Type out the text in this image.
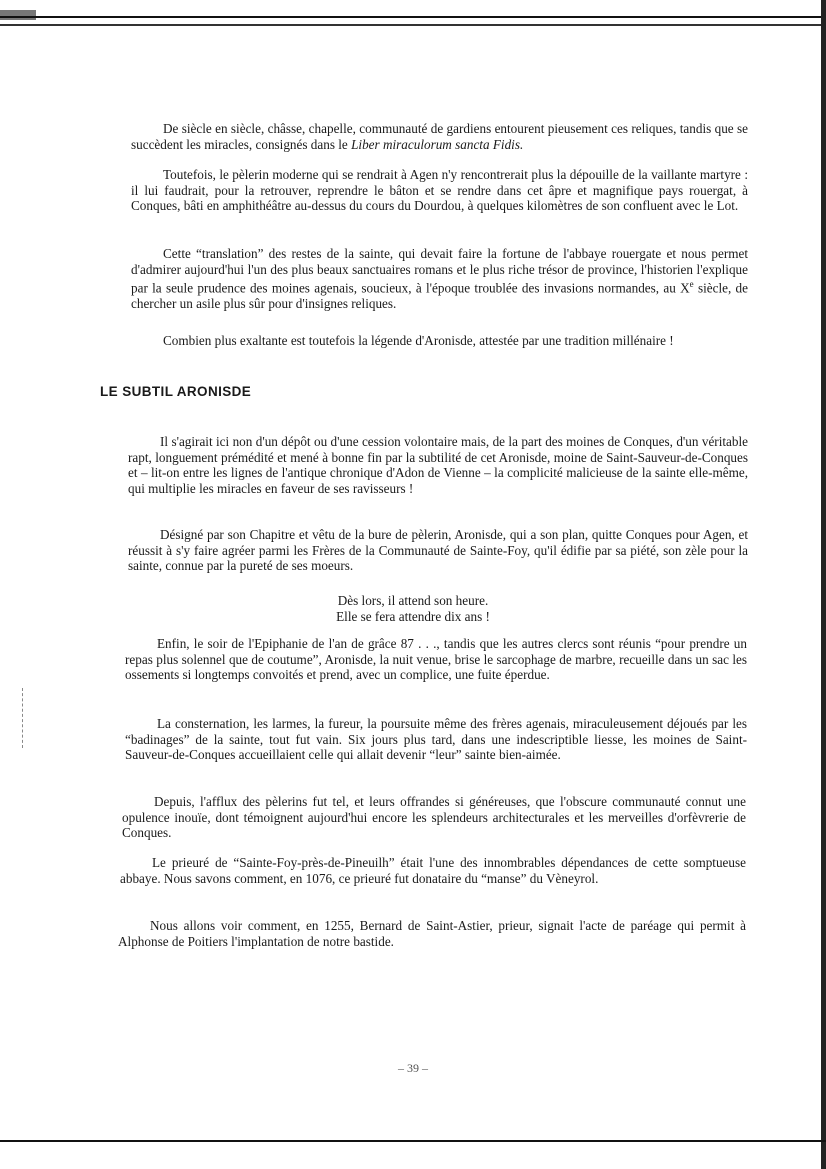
De siècle en siècle, châsse, chapelle, communauté de gardiens entourent pieusement ces reliques, tandis que se succèdent les miracles, consignés dans le Liber miraculorum sancta Fidis.

Toutefois, le pèlerin moderne qui se rendrait à Agen n'y rencontrerait plus la dépouille de la vaillante martyre : il lui faudrait, pour la retrouver, reprendre le bâton et se rendre dans cet âpre et magnifique pays rouergat, à Conques, bâti en amphithéâtre au-dessus du cours du Dourdou, à quelques kilomètres de son confluent avec le Lot.

Cette “translation” des restes de la sainte, qui devait faire la fortune de l'abbaye rouergate et nous permet d'admirer aujourd'hui l'un des plus beaux sanctuaires romans et le plus riche trésor de province, l'historien l'explique par la seule prudence des moines agenais, soucieux, à l'époque troublée des invasions normandes, au Xe siècle, de chercher un asile plus sûr pour d'insignes reliques.

Combien plus exaltante est toutefois la légende d'Aronisde, attestée par une tradition millénaire !

LE SUBTIL ARONISDE

Il s'agirait ici non d'un dépôt ou d'une cession volontaire mais, de la part des moines de Conques, d'un véritable rapt, longuement prémédité et mené à bonne fin par la subtilité de cet Aronisde, moine de Saint-Sauveur-de-Conques et – lit-on entre les lignes de l'antique chronique d'Adon de Vienne – la complicité malicieuse de la sainte elle-même, qui multiplie les miracles en faveur de ses ravisseurs !

Désigné par son Chapitre et vêtu de la bure de pèlerin, Aronisde, qui a son plan, quitte Conques pour Agen, et réussit à s'y faire agréer parmi les Frères de la Communauté de Sainte-Foy, qu'il édifie par sa piété, son zèle pour la sainte, connue par la pureté de ses moeurs.

Dès lors, il attend son heure.

Elle se fera attendre dix ans !

Enfin, le soir de l'Epiphanie de l'an de grâce 87 . . ., tandis que les autres clercs sont réunis “pour prendre un repas plus solennel que de coutume”, Aronisde, la nuit venue, brise le sarcophage de marbre, recueille dans un sac les ossements si longtemps convoités et prend, avec un complice, une fuite éperdue.

La consternation, les larmes, la fureur, la poursuite même des frères agenais, miraculeusement déjoués par les “badinages” de la sainte, tout fut vain. Six jours plus tard, dans une indescriptible liesse, les moines de Saint-Sauveur-de-Conques accueillaient celle qui allait devenir “leur” sainte bien-aimée.

Depuis, l'afflux des pèlerins fut tel, et leurs offrandes si généreuses, que l'obscure communauté connut une opulence inouïe, dont témoignent aujourd'hui encore les splendeurs architecturales et les merveilles d'orfèvrerie de Conques.

Le prieuré de “Sainte-Foy-près-de-Pineuilh” était l'une des innombrables dépendances de cette somptueuse abbaye. Nous savons comment, en 1076, ce prieuré fut donataire du “manse” du Vèneyrol.

Nous allons voir comment, en 1255, Bernard de Saint-Astier, prieur, signait l'acte de paréage qui permit à Alphonse de Poitiers l'implantation de notre bastide.

– 39 –
